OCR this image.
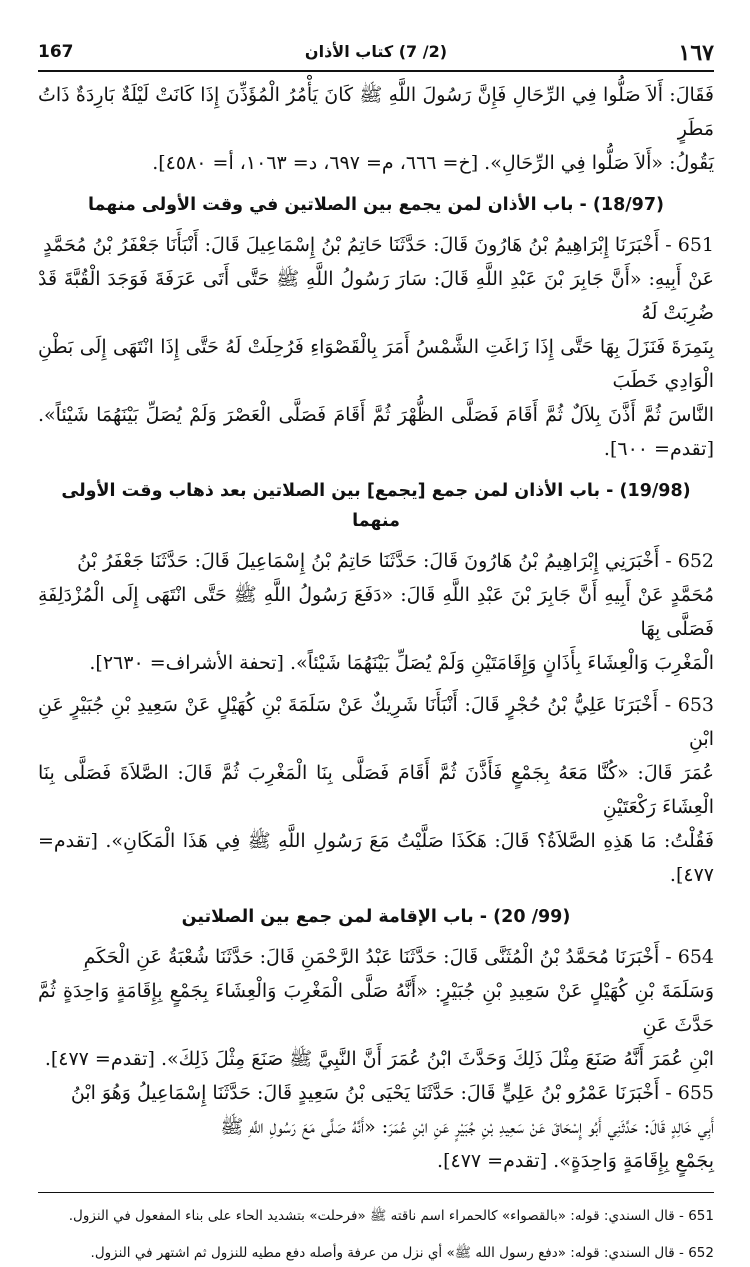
١٦٧
(2/ 7) كتاب الأذان
167

فَقَالَ: أَلاَ صَلُّوا فِي الرِّحَالِ فَإِنَّ رَسُولَ اللَّهِ ﷺ كَانَ يَأْمُرُ الْمُؤَذِّنَ إِذَا كَانَتْ لَيْلَةٌ بَارِدَةٌ ذَاتُ مَطَرٍ

يَقُولُ: «أَلاَ صَلُّوا فِي الرِّحَالِ». [خ= ٦٦٦، م= ٦٩٧، د= ١٠٦٣، أ= ٤٥٨٠].

(18/97) - باب الأذان لمن يجمع بين الصلاتين في وقت الأولى منهما

651 - أَخْبَرَنَا إِبْرَاهِيمُ بْنُ هَارُونَ قَالَ: حَدَّثَنَا حَاتِمُ بْنُ إِسْمَاعِيلَ قَالَ: أَنْبَأَنَا جَعْفَرُ بْنُ مُحَمَّدٍ

عَنْ أَبِيهِ: «أَنَّ جَابِرَ بْنَ عَبْدِ اللَّهِ قَالَ: سَارَ رَسُولُ اللَّهِ ﷺ حَتَّى أَتَى عَرَفَةَ فَوَجَدَ الْقُبَّةَ قَدْ ضُرِبَتْ لَهُ

بِنَمِرَةَ فَنَزَلَ بِهَا حَتَّى إِذَا زَاغَتِ الشَّمْسُ أَمَرَ بِالْقَصْوَاءِ فَرُحِلَتْ لَهُ حَتَّى إِذَا انْتَهَى إِلَى بَطْنِ الْوَادِي خَطَبَ

النَّاسَ ثُمَّ أَذَّنَ بِلاَلٌ ثُمَّ أَقَامَ فَصَلَّى الظُّهْرَ ثُمَّ أَقَامَ فَصَلَّى الْعَصْرَ وَلَمْ يُصَلِّ بَيْنَهُمَا شَيْئاً». [تقدم= ٦٠٠].

(19/98) - باب الأذان لمن جمع [يجمع] بين الصلاتين بعد ذهاب وقت الأولى منهما

652 - أَخْبَرَنِي إِبْرَاهِيمُ بْنُ هَارُونَ قَالَ: حَدَّثَنَا حَاتِمُ بْنُ إِسْمَاعِيلَ قَالَ: حَدَّثَنَا جَعْفَرُ بْنُ

مُحَمَّدٍ عَنْ أَبِيهِ أَنَّ جَابِرَ بْنَ عَبْدِ اللَّهِ قَالَ: «دَفَعَ رَسُولُ اللَّهِ ﷺ حَتَّى انْتَهَى إِلَى الْمُزْدَلِفَةِ فَصَلَّى بِهَا

الْمَغْرِبَ وَالْعِشَاءَ بِأَذَانٍ وَإِقَامَتَيْنِ وَلَمْ يُصَلِّ بَيْنَهُمَا شَيْئاً». [تحفة الأشراف= ٢٦٣٠].

653 - أَخْبَرَنَا عَلِيُّ بْنُ حُجْرٍ قَالَ: أَنْبَأَنَا شَرِيكٌ عَنْ سَلَمَةَ بْنِ كُهَيْلٍ عَنْ سَعِيدِ بْنِ جُبَيْرٍ عَنِ ابْنِ

عُمَرَ قَالَ: «كُنَّا مَعَهُ بِجَمْعٍ فَأَذَّنَ ثُمَّ أَقَامَ فَصَلَّى بِنَا الْمَغْرِبَ ثُمَّ قَالَ: الصَّلاَةَ فَصَلَّى بِنَا الْعِشَاءَ رَكْعَتَيْنِ

فَقُلْتُ: مَا هَذِهِ الصَّلاَةُ؟ قَالَ: هَكَذَا صَلَّيْتُ مَعَ رَسُولِ اللَّهِ ﷺ فِي هَذَا الْمَكَانِ». [تقدم= ٤٧٧].

(99/ 20) - باب الإقامة لمن جمع بين الصلاتين

654 - أَخْبَرَنَا مُحَمَّدُ بْنُ الْمُثَنَّى قَالَ: حَدَّثَنَا عَبْدُ الرَّحْمَنِ قَالَ: حَدَّثَنَا شُعْبَةُ عَنِ الْحَكَمِ

وَسَلَمَةَ بْنِ كُهَيْلٍ عَنْ سَعِيدِ بْنِ جُبَيْرٍ: «أَنَّهُ صَلَّى الْمَغْرِبَ وَالْعِشَاءَ بِجَمْعٍ بِإِقَامَةٍ وَاحِدَةٍ ثُمَّ حَدَّثَ عَنِ

ابْنِ عُمَرَ أَنَّهُ صَنَعَ مِثْلَ ذَلِكَ وَحَدَّثَ ابْنُ عُمَرَ أَنَّ النَّبِيَّ ﷺ صَنَعَ مِثْلَ ذَلِكَ». [تقدم= ٤٧٧].

655 - أَخْبَرَنَا عَمْرُو بْنُ عَلِيٍّ قَالَ: حَدَّثَنَا يَحْيَى بْنُ سَعِيدٍ قَالَ: حَدَّثَنَا إِسْمَاعِيلُ وَهُوَ ابْنُ

أَبِي خَالِدٍ قَالَ: حَدَّثَنِي أَبُو إِسْحَاقَ عَنْ سَعِيدِ بْنِ جُبَيْرٍ عَنِ ابْنِ عُمَرَ: «أَنَّهُ صَلَّى مَعَ رَسُولِ اللَّهِ ﷺ

بِجَمْعٍ بِإِقَامَةٍ وَاحِدَةٍ». [تقدم= ٤٧٧].

651 - قال السندي: قوله: «بالقصواء» كالحمراء اسم ناقته ﷺ «فرحلت» بتشديد الحاء على بناء المفعول في النزول.

652 - قال السندي: قوله: «دفع رسول الله ﷺ» أي نزل من عرفة وأصله دفع مطيه للنزول ثم اشتهر في النزول.
